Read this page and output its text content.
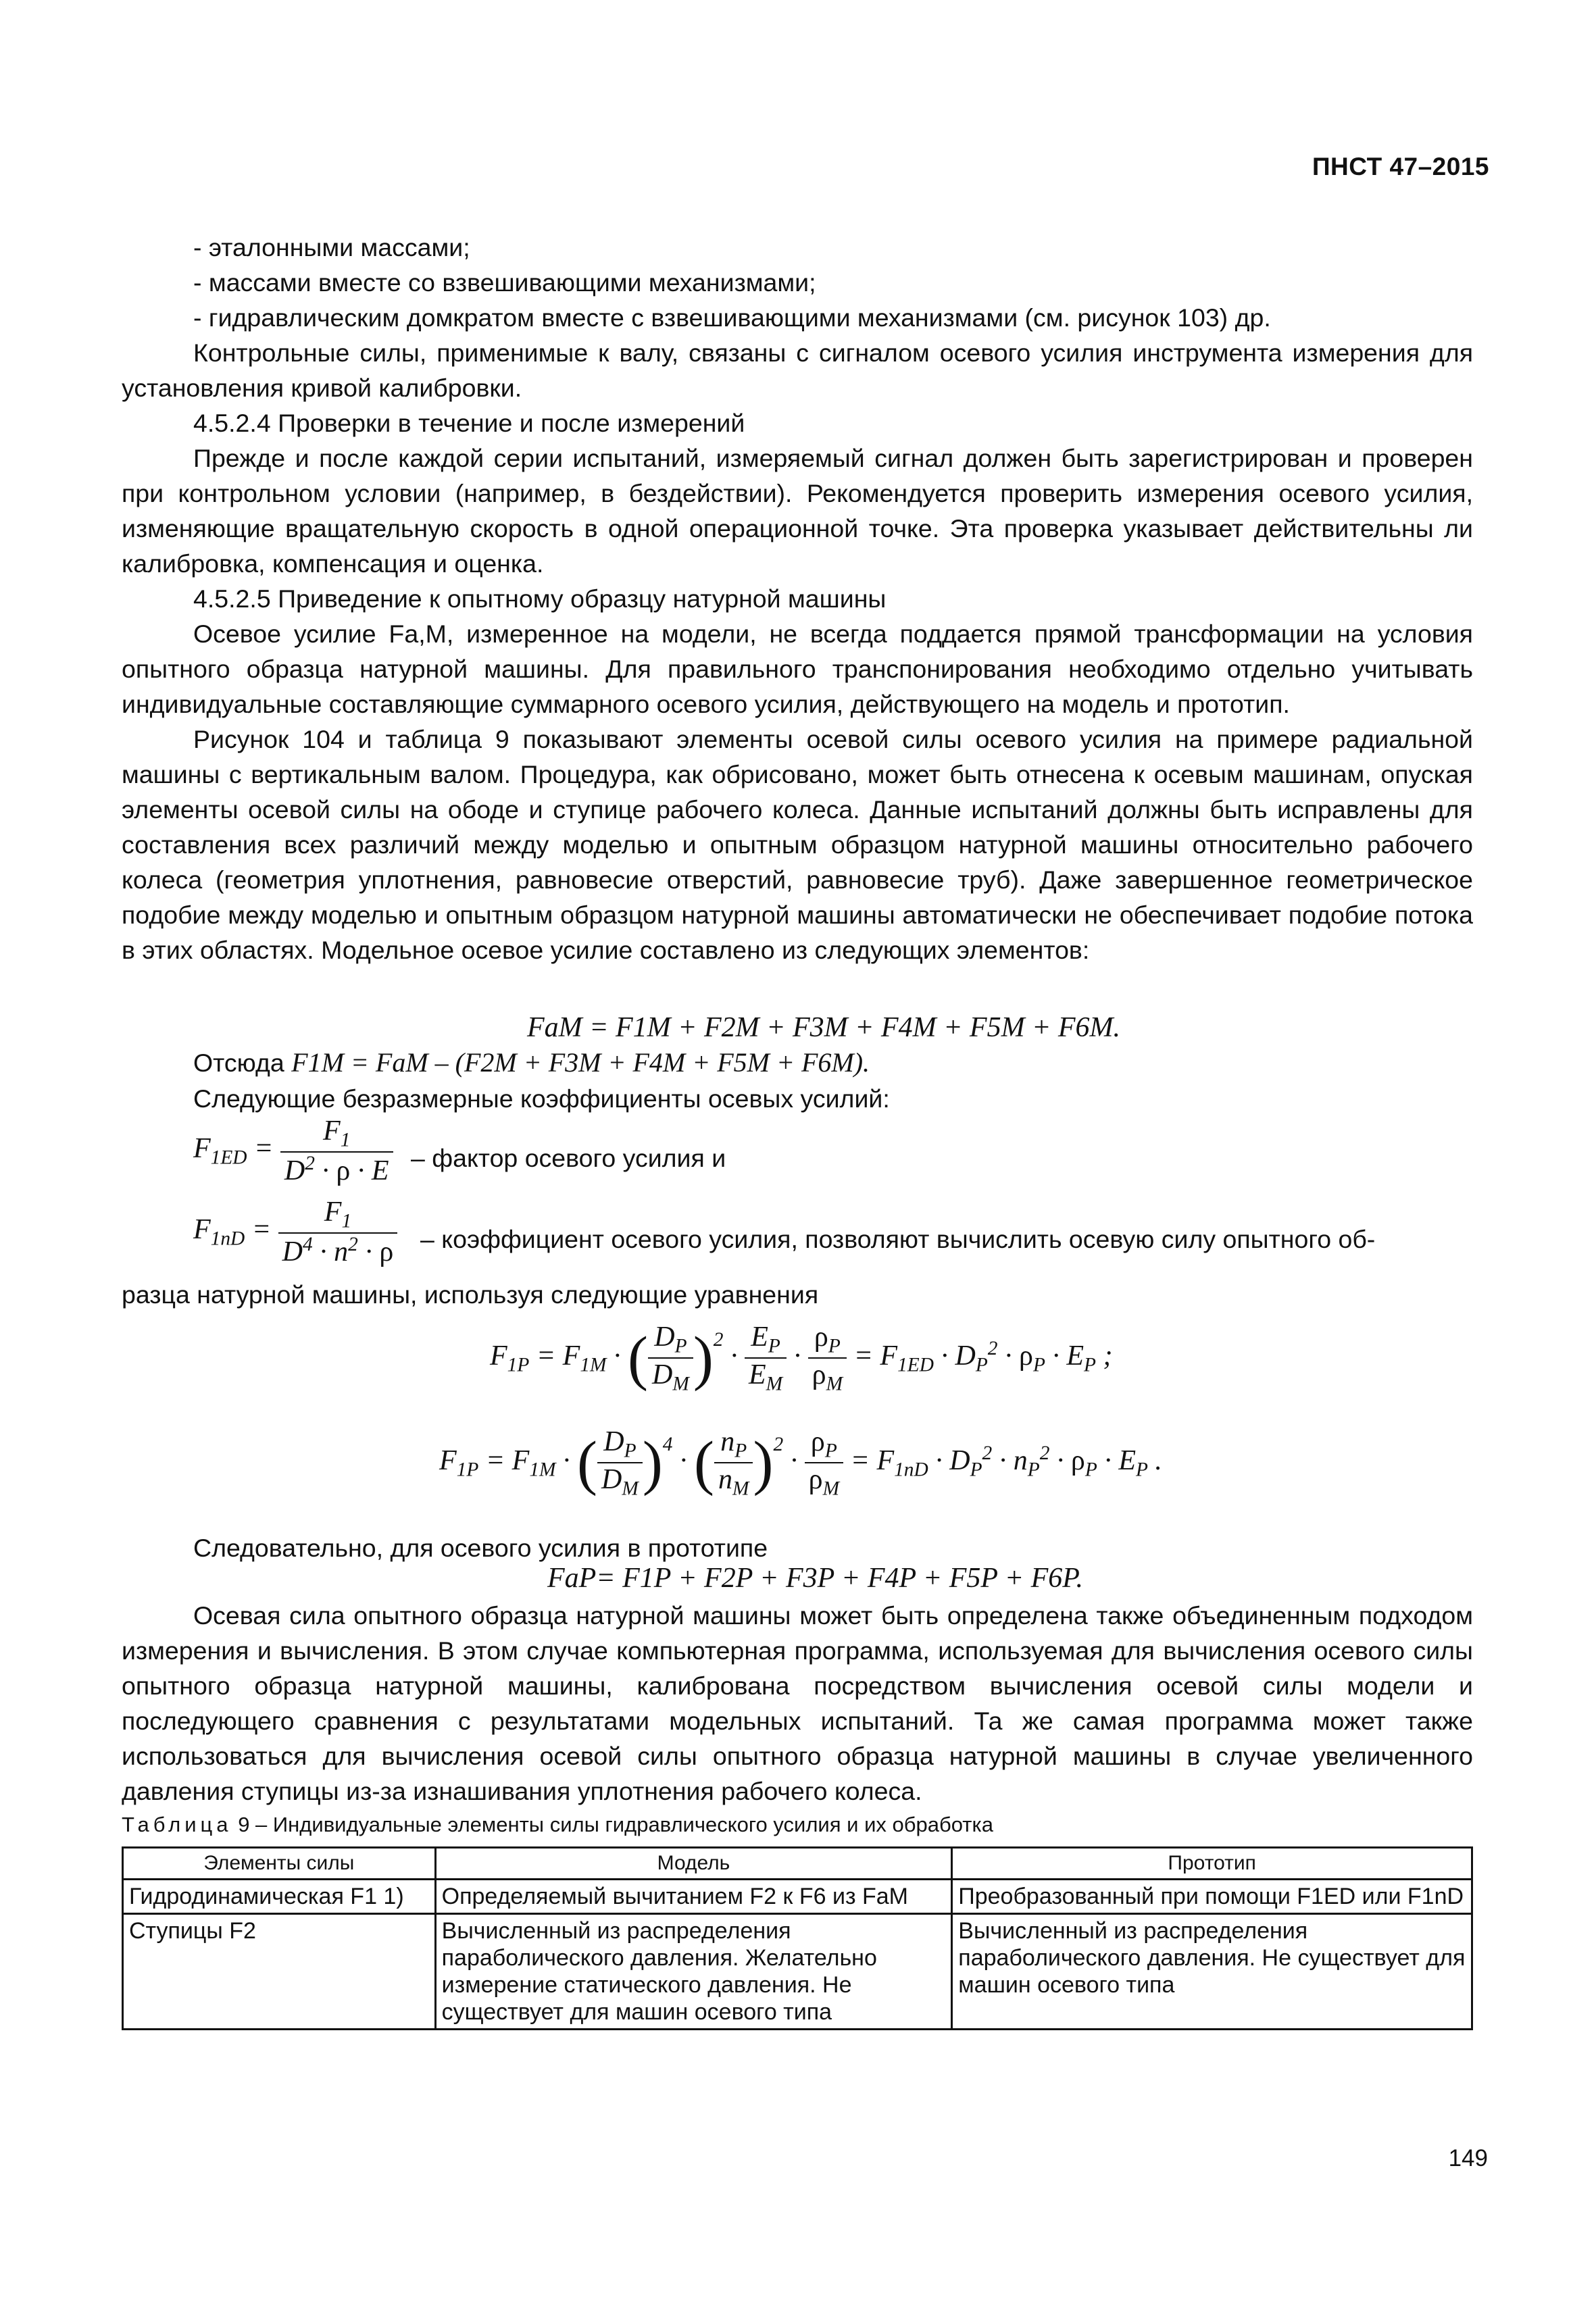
ПНСТ 47–2015

- эталонными массами;

- массами вместе со взвешивающими механизмами;

- гидравлическим домкратом вместе с взвешивающими механизмами (см. рисунок 103) др.

Контрольные силы, применимые к валу, связаны с сигналом осевого усилия инструмента измерения для установления кривой калибровки.

4.5.2.4 Проверки в течение и после измерений

Прежде и после каждой серии испытаний, измеряемый сигнал должен быть зарегистрирован и проверен при контрольном условии (например, в бездействии). Рекомендуется проверить измерения осевого усилия, изменяющие вращательную скорость в одной операционной точке. Эта проверка указывает действительны ли калибровка, компенсация и оценка.

4.5.2.5 Приведение к опытному образцу натурной машины

Осевое усилие Fa,M, измеренное на модели, не всегда поддается прямой трансформации на условия опытного образца натурной машины. Для правильного транспонирования необходимо отдельно учитывать индивидуальные составляющие суммарного осевого усилия, действующего на модель и прототип.

Рисунок 104 и таблица 9 показывают элементы осевой силы осевого усилия на примере радиальной машины с вертикальным валом. Процедура, как обрисовано, может быть отнесена к осевым машинам, опуская элементы осевой силы на ободе и ступице рабочего колеса. Данные испытаний должны быть исправлены для составления всех различий между моделью и опытным образцом натурной машины относительно рабочего колеса (геометрия уплотнения, равновесие отверстий, равновесие труб). Даже завершенное геометрическое подобие между моделью и опытным образцом натурной машины автоматически не обеспечивает подобие потока в этих областях. Модельное осевое усилие составлено из следующих элементов:

FaM = F1M + F2M + F3M + F4M + F5M + F6M.
Отсюда F1M = FaM – (F2M + F3M + F4M + F5M + F6M).
Следующие безразмерные коэффициенты осевых усилий:
$F_{1ED} = \frac{F_1}{D^2 \cdot \rho \cdot E}$ – фактор осевого усилия и
$F_{1nD} = \frac{F_1}{D^4 \cdot n^2 \cdot \rho}$ – коэффициент осевого усилия, позволяют вычислить осевую силу опытного об-
разца натурной машины, используя следующие уравнения
$F_{1P} = F_{1M}$ · ( $\frac{D_P}{D_M} )^2 \cdot \frac{E_P}{E_M} \cdot \frac{\rho_P}{\rho_M} = F_{1ED} \cdot D_P^2 \cdot \rho_P \cdot E_P$ ;
$F_{1P} = F_{1M}$ · ( $\frac{D_P}{D_M} )^4$ · ( $\frac{n_P}{n_M} )^2 \cdot \frac{\rho_P}{\rho_M} = F_{1nD} \cdot D_P^2 \cdot n_P^2 \cdot \rho_P \cdot E_P$ .
Следовательно, для осевого усилия в прототипе
FaP= F1P + F2P + F3P + F4P + F5P + F6P.

Осевая сила опытного образца натурной машины может быть определена также объединенным подходом измерения и вычисления. В этом случае компьютерная программа, используемая для вычисления осевого силы опытного образца натурной машины, калибрована посредством вычисления осевой силы модели и последующего сравнения с результатами модельных испытаний. Та же самая программа может также использоваться для вычисления осевой силы опытного образца натурной машины в случае увеличенного давления ступицы из-за изнашивания уплотнения рабочего колеса.

Таблица 9 – Индивидуальные элементы силы гидравлического усилия и их обработка
Элементы силы	Модель	Прототип
Гидродинамическая F1 1)	Определяемый вычитанием F2 к F6 из FaM	Преобразованный при помощи F1ED или F1nD
Ступицы F2	Вычисленный из распределения параболического давления. Желательно измерение статического давления. Не существует для машин осевого типа	Вычисленный из распределения параболического давления. Не существует для машин осевого типа
149
